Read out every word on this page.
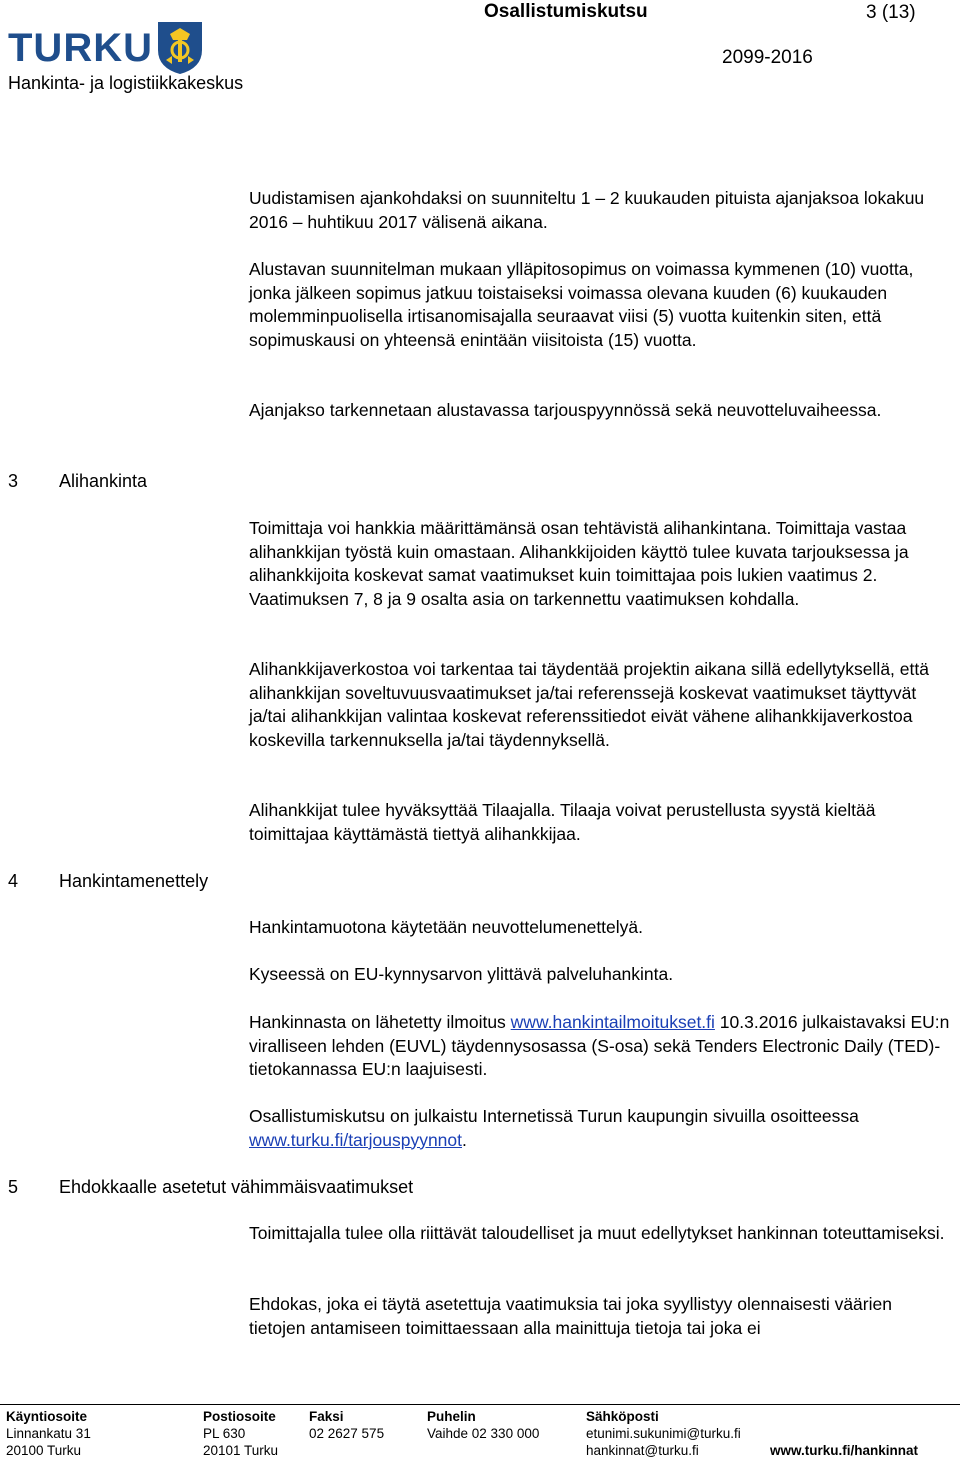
TURKU
Hankinta- ja logistiikkakeskus
Osallistumiskutsu	3 (13)
2099-2016

Uudistamisen ajankohdaksi on suunniteltu 1 – 2 kuukauden pituista ajanjaksoa lokakuu 2016 – huhtikuu 2017 välisenä aikana.

Alustavan suunnitelman mukaan ylläpitosopimus on voimassa kymmenen (10) vuotta, jonka jälkeen sopimus jatkuu toistaiseksi voimassa olevana kuuden (6) kuukauden molemminpuolisella irtisanomisajalla seuraavat viisi (5) vuotta kuitenkin siten, että sopimuskausi on yhteensä enintään viisitoista (15) vuotta.

Ajanjakso tarkennetaan alustavassa tarjouspyynnössä sekä neuvotteluvaiheessa.

3 Alihankinta

Toimittaja voi hankkia määrittämänsä osan tehtävistä alihankintana. Toimittaja vastaa alihankkijan työstä kuin omastaan. Alihankkijoiden käyttö tulee kuvata tarjouksessa ja alihankkijoita koskevat samat vaatimukset kuin toimittajaa pois lukien vaatimus 2. Vaatimuksen 7, 8 ja 9 osalta asia on tarkennettu vaatimuksen kohdalla.

Alihankkijaverkostoa voi tarkentaa tai täydentää projektin aikana sillä edellytyksellä, että alihankkijan soveltuvuusvaatimukset ja/tai referenssejä koskevat vaatimukset täyttyvät ja/tai alihankkijan valintaa koskevat referenssitiedot eivät vähene alihankkijaverkostoa koskevilla tarkennuksella ja/tai täydennyksellä.

Alihankkijat tulee hyväksyttää Tilaajalla. Tilaaja voivat perustellusta syystä kieltää toimittajaa käyttämästä tiettyä alihankkijaa.

4 Hankintamenettely

Hankintamuotona käytetään neuvottelumenettelyä.

Kyseessä on EU-kynnysarvon ylittävä palveluhankinta.

Hankinnasta on lähetetty ilmoitus www.hankintailmoitukset.fi 10.3.2016 julkaistavaksi EU:n viralliseen lehden (EUVL) täydennysosassa (S-osa) sekä Tenders Electronic Daily (TED)-tietokannassa EU:n laajuisesti.

Osallistumiskutsu on julkaistu Internetissä Turun kaupungin sivuilla osoitteessa www.turku.fi/tarjouspyynnot.

5 Ehdokkaalle asetetut vähimmäisvaatimukset

Toimittajalla tulee olla riittävät taloudelliset ja muut edellytykset hankinnan toteuttamiseksi.

Ehdokas, joka ei täytä asetettuja vaatimuksia tai joka syyllistyy olennaisesti väärien tietojen antamiseen toimittaessaan alla mainittuja tietoja tai joka ei

Käyntiosoite
Linnankatu 31
20100 Turku
Postiosoite
PL 630
20101 Turku
Faksi
02 2627 575
Puhelin
Vaihde 02 330 000
Sähköposti
etunimi.sukunimi@turku.fi
hankinnat@turku.fi	www.turku.fi/hankinnat
